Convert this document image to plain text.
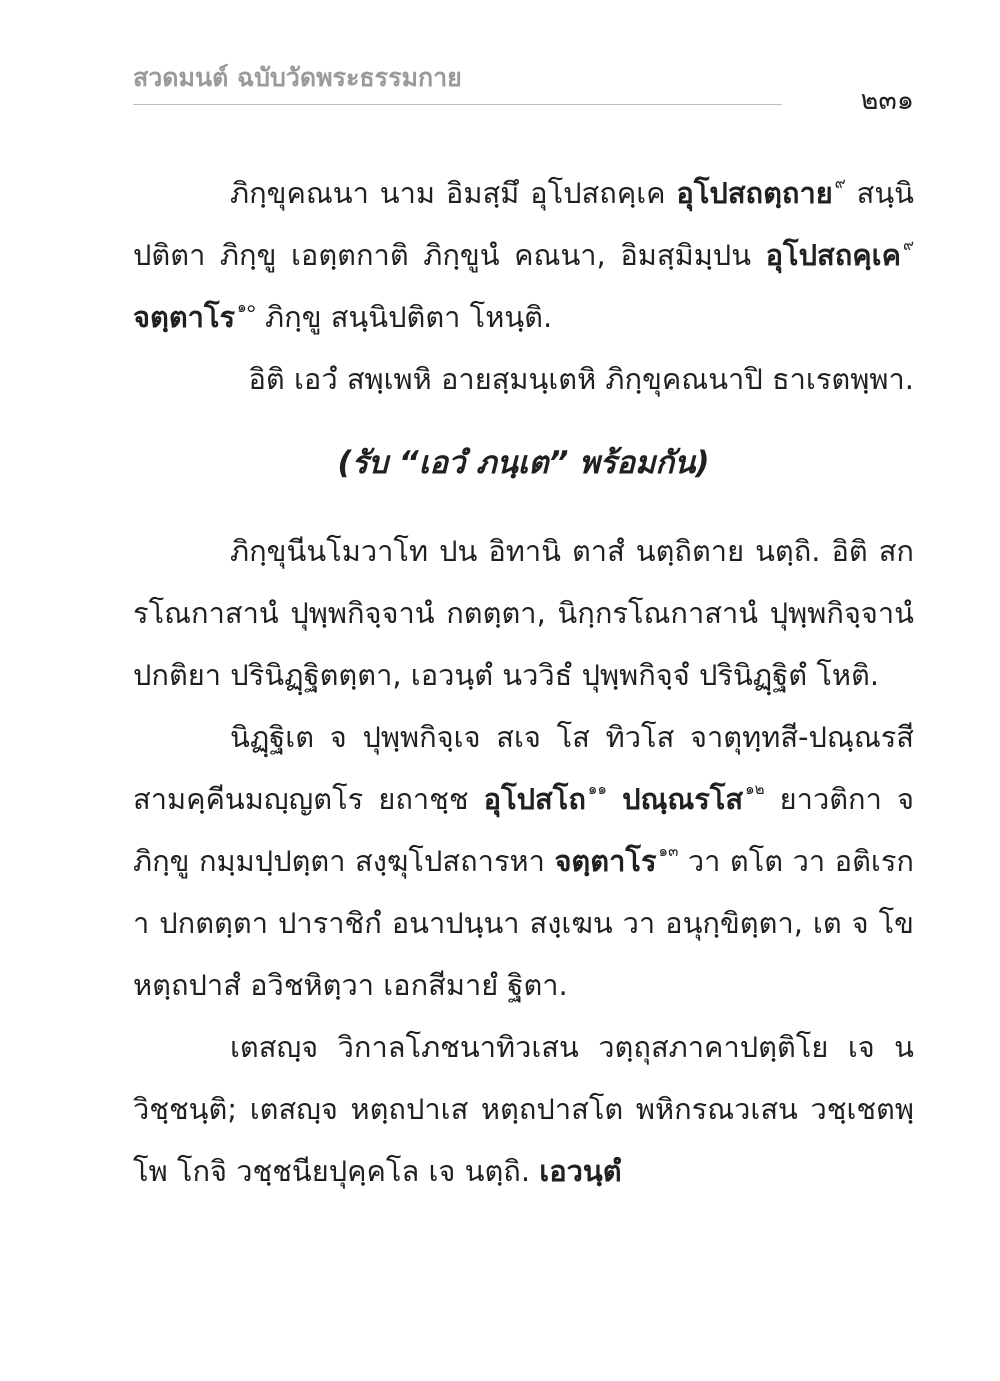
สวดมนต์ ฉบับวัดพระธรรมกาย
๒๓๑

ภิกฺขุคณนา นาม อิมสฺมึ อุโปสถคฺเค อุโปสถตฺถาย $^๙$ สนฺนิปติตา ภิกฺขู เอตฺตกาติ ภิกฺขูนํ คณนา, อิมสฺมิมฺปน อุโปสถคฺเค $^๙$ จตฺตาโร $^{๑๐}$ ภิกฺขู สนฺนิปติตา โหนฺติ.

อิติ เอวํ สพฺเพหิ อายสฺมนฺเตหิ ภิกฺขุคณนาปิ ธาเรตพฺพา.

(รับ “เอวํ ภนฺเต” พร้อมกัน)

ภิกฺขุนีนโมวาโท ปน อิทานิ ตาสํ นตฺถิตาย นตฺถิ. อิติ สกรโณกาสานํ ปุพฺพกิจฺจานํ กตตฺตา, นิกฺกรโณกาสานํ ปุพฺพกิจฺจานํ ปกติยา ปรินิฏฺฐิตตฺตา, เอวนฺตํ นววิธํ ปุพฺพกิจฺจํ ปรินิฏฺฐิตํ โหติ.

นิฏฺฐิเต จ ปุพฺพกิจฺเจ สเจ โส ทิวโส จาตุทฺทสี-ปณฺณรสีสามคฺคีนมญฺญตโร ยถาชฺช อุโปสโถ $^{๑๑}$ ปณฺณรโส $^{๑๒}$ ยาวติกา จ ภิกฺขู กมฺมปฺปตฺตา สงฺฆุโปสถารหา จตฺตาโร $^{๑๓}$ วา ตโต วา อติเรกา ปกตตฺตา ปาราชิกํ อนาปนฺนา สงฺเฆน วา อนุกฺขิตฺตา, เต จ โข หตฺถปาสํ อวิชหิตฺวา เอกสีมายํ ฐิตา.

เตสญฺจ วิกาลโภชนาทิวเสน วตฺถุสภาคาปตฺติโย เจ น วิชฺชนฺติ; เตสญฺจ หตฺถปาเส หตฺถปาสโต พหิกรณวเสน วชฺเชตพฺโพ โกจิ วชฺชนียปุคฺคโล เจ นตฺถิ. เอวนฺตํ
